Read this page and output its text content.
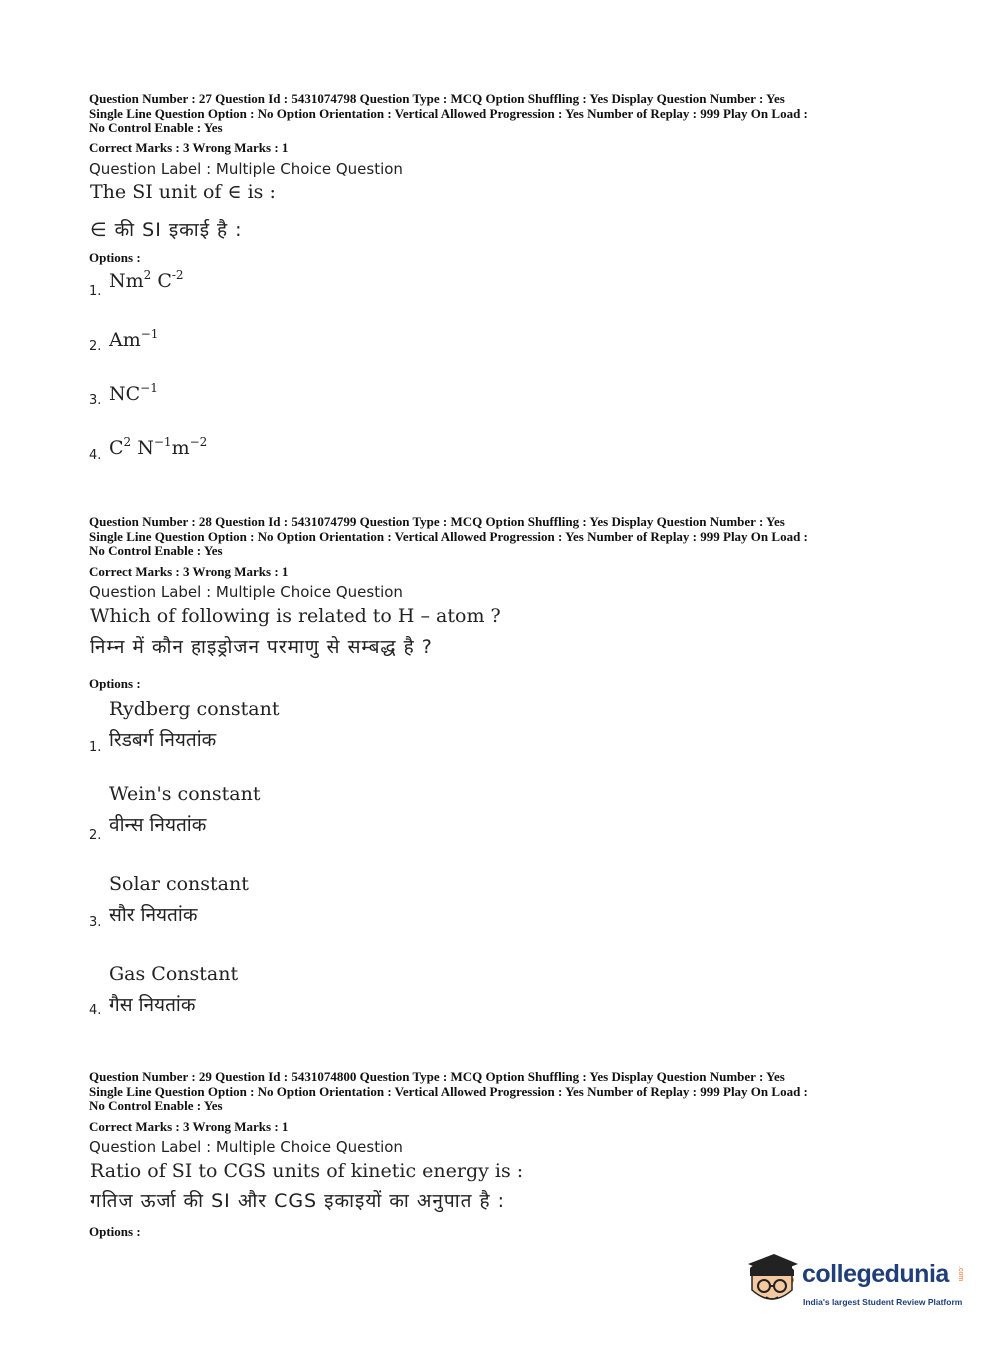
Question Number : 27 Question Id : 5431074798 Question Type : MCQ Option Shuffling : Yes Display Question Number : Yes
Single Line Question Option : No Option Orientation : Vertical Allowed Progression : Yes Number of Replay : 999 Play On Load :
No Control Enable : Yes
Correct Marks : 3 Wrong Marks : 1
Question Label : Multiple Choice Question
The SI unit of ∈ is :
∈ की SI इकाई है :
Options :
1. Nm$^2$ $C^{-2}$
2. $Am^{-1}$
3. $NC^{-1}$
4. $C^2$ $N^{-1}m^{-2}$
Question Number : 28 Question Id : 5431074799 Question Type : MCQ Option Shuffling : Yes Display Question Number : Yes
Single Line Question Option : No Option Orientation : Vertical Allowed Progression : Yes Number of Replay : 999 Play On Load :
No Control Enable : Yes
Correct Marks : 3 Wrong Marks : 1
Question Label : Multiple Choice Question
Which of following is related to H – atom ?
निम्न में कौन हाइड्रोजन परमाणु से सम्बद्ध है ?
Options :
Rydberg constant
1. रिडबर्ग नियतांक
Wein's constant
2. वीन्स नियतांक
Solar constant
3. सौर नियतांक
Gas Constant
4. गैस नियतांक
Question Number : 29 Question Id : 5431074800 Question Type : MCQ Option Shuffling : Yes Display Question Number : Yes
Single Line Question Option : No Option Orientation : Vertical Allowed Progression : Yes Number of Replay : 999 Play On Load :
No Control Enable : Yes
Correct Marks : 3 Wrong Marks : 1
Question Label : Multiple Choice Question
Ratio of SI to CGS units of kinetic energy is :
गतिज ऊर्जा की SI और CGS इकाइयों का अनुपात है :
Options :
collegedunia .com
India's largest Student Review Platform
